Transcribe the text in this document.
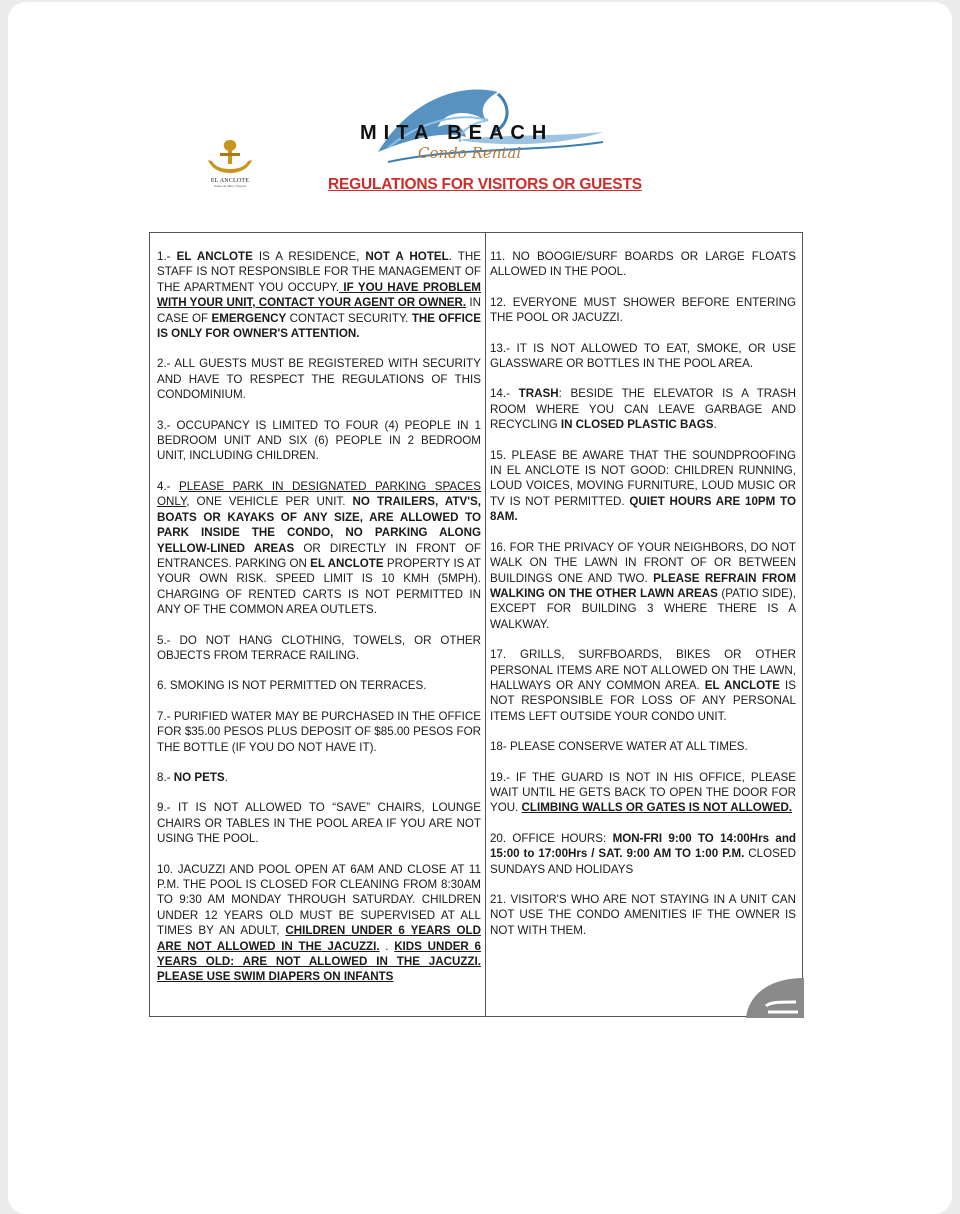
EL ANCLOTE
Punta de Mita, Nayarit
MITA BEACH
Condo Rental
REGULATIONS FOR VISITORS OR GUESTS

1.- EL ANCLOTE IS A RESIDENCE, NOT A HOTEL. THE STAFF IS NOT RESPONSIBLE FOR THE MANAGEMENT OF THE APARTMENT YOU OCCUPY. IF YOU HAVE PROBLEM WITH YOUR UNIT, CONTACT YOUR AGENT OR OWNER. IN CASE OF EMERGENCY CONTACT SECURITY. THE OFFICE IS ONLY FOR OWNER'S ATTENTION.

2.- ALL GUESTS MUST BE REGISTERED WITH SECURITY AND HAVE TO RESPECT THE REGULATIONS OF THIS CONDOMINIUM.

3.- OCCUPANCY IS LIMITED TO FOUR (4) PEOPLE IN 1 BEDROOM UNIT AND SIX (6) PEOPLE IN 2 BEDROOM UNIT, INCLUDING CHILDREN.

4.- PLEASE PARK IN DESIGNATED PARKING SPACES ONLY, ONE VEHICLE PER UNIT. NO TRAILERS, ATV'S, BOATS OR KAYAKS OF ANY SIZE, ARE ALLOWED TO PARK INSIDE THE CONDO, NO PARKING ALONG YELLOW-LINED AREAS OR DIRECTLY IN FRONT OF ENTRANCES. PARKING ON EL ANCLOTE PROPERTY IS AT YOUR OWN RISK. SPEED LIMIT IS 10 KMH (5MPH). CHARGING OF RENTED CARTS IS NOT PERMITTED IN ANY OF THE COMMON AREA OUTLETS.

5.- DO NOT HANG CLOTHING, TOWELS, OR OTHER OBJECTS FROM TERRACE RAILING.

6. SMOKING IS NOT PERMITTED ON TERRACES.

7.- PURIFIED WATER MAY BE PURCHASED IN THE OFFICE FOR $35.00 PESOS PLUS DEPOSIT OF $85.00 PESOS FOR THE BOTTLE (IF YOU DO NOT HAVE IT).

8.- NO PETS.

9.- IT IS NOT ALLOWED TO “SAVE” CHAIRS, LOUNGE CHAIRS OR TABLES IN THE POOL AREA IF YOU ARE NOT USING THE POOL.

10. JACUZZI AND POOL OPEN AT 6AM AND CLOSE AT 11 P.M. THE POOL IS CLOSED FOR CLEANING FROM 8:30AM TO 9:30 AM MONDAY THROUGH SATURDAY. CHILDREN UNDER 12 YEARS OLD MUST BE SUPERVISED AT ALL TIMES BY AN ADULT, CHILDREN UNDER 6 YEARS OLD ARE NOT ALLOWED IN THE JACUZZI. . KIDS UNDER 6 YEARS OLD: ARE NOT ALLOWED IN THE JACUZZI. PLEASE USE SWIM DIAPERS ON INFANTS

11. NO BOOGIE/SURF BOARDS OR LARGE FLOATS ALLOWED IN THE POOL.

12. EVERYONE MUST SHOWER BEFORE ENTERING THE POOL OR JACUZZI.

13.- IT IS NOT ALLOWED TO EAT, SMOKE, OR USE GLASSWARE OR BOTTLES IN THE POOL AREA.

14.- TRASH: BESIDE THE ELEVATOR IS A TRASH ROOM WHERE YOU CAN LEAVE GARBAGE AND RECYCLING IN CLOSED PLASTIC BAGS.

15. PLEASE BE AWARE THAT THE SOUNDPROOFING IN EL ANCLOTE IS NOT GOOD: CHILDREN RUNNING, LOUD VOICES, MOVING FURNITURE, LOUD MUSIC OR TV IS NOT PERMITTED. QUIET HOURS ARE 10PM TO 8AM.

16. FOR THE PRIVACY OF YOUR NEIGHBORS, DO NOT WALK ON THE LAWN IN FRONT OF OR BETWEEN BUILDINGS ONE AND TWO. PLEASE REFRAIN FROM WALKING ON THE OTHER LAWN AREAS (PATIO SIDE), EXCEPT FOR BUILDING 3 WHERE THERE IS A WALKWAY.

17. GRILLS, SURFBOARDS, BIKES OR OTHER PERSONAL ITEMS ARE NOT ALLOWED ON THE LAWN, HALLWAYS OR ANY COMMON AREA. EL ANCLOTE IS NOT RESPONSIBLE FOR LOSS OF ANY PERSONAL ITEMS LEFT OUTSIDE YOUR CONDO UNIT.

18- PLEASE CONSERVE WATER AT ALL TIMES.

19.- IF THE GUARD IS NOT IN HIS OFFICE, PLEASE WAIT UNTIL HE GETS BACK TO OPEN THE DOOR FOR YOU. CLIMBING WALLS OR GATES IS NOT ALLOWED.

20. OFFICE HOURS: MON-FRI 9:00 TO 14:00Hrs and 15:00 to 17:00Hrs / SAT. 9:00 AM TO 1:00 P.M. CLOSED SUNDAYS AND HOLIDAYS

21. VISITOR'S WHO ARE NOT STAYING IN A UNIT CAN NOT USE THE CONDO AMENITIES IF THE OWNER IS NOT WITH THEM.
